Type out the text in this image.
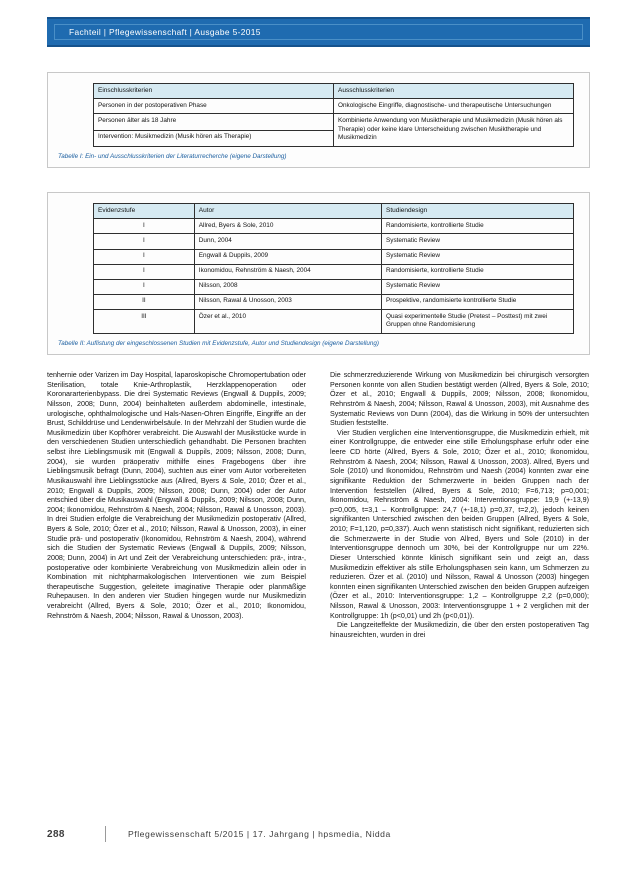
Fachteil | Pflegewissenschaft | Ausgabe 5-2015
Einschlusskriterien	Ausschlusskriterien
Personen in der postoperativen Phase	Onkologische Eingriffe, diagnostische- und therapeutische Untersuchungen
Personen älter als 18 Jahre	Kombinierte Anwendung von Musiktherapie und Musikmedizin (Musik hören als Therapie) oder keine klare Unterscheidung zwischen Musiktherapie und Musikmedizin
Intervention: Musikmedizin (Musik hören als Therapie)	
Tabelle I: Ein- und Ausschlusskriterien der Literaturrecherche (eigene Darstellung)
Evidenzstufe	Autor	Studiendesign
I	Allred, Byers & Sole, 2010	Randomisierte, kontrollierte Studie
I	Dunn, 2004	Systematic Review
I	Engwall & Duppils, 2009	Systematic Review
I	Ikonomidou, Rehnström & Naesh, 2004	Randomisierte, kontrollierte Studie
I	Nilsson, 2008	Systematic Review
II	Nilsson, Rawal & Unosson, 2003	Prospektive, randomisierte kontrollierte Studie
III	Özer et al., 2010	Quasi experimentelle Studie (Pretest – Posttest) mit zwei Gruppen ohne Randomisierung
Tabelle II: Auflistung der eingeschlossenen Studien mit Evidenzstufe, Autor und Studiendesign (eigene Darstellung)

tenhernie oder Varizen im Day Hospital, laparoskopische Chromopertubation oder Sterilisation, totale Knie-Arthroplastik, Herzklappenoperation oder Koronararterienbypass. Die drei Systematic Reviews (Engwall & Duppils, 2009; Nilsson, 2008; Dunn, 2004) beinhalteten außerdem abdominelle, intestinale, urologische, ophthalmologische und Hals-Nasen-Ohren Eingriffe, Eingriffe an der Brust, Schilddrüse und Lendenwirbelsäule. In der Mehrzahl der Studien wurde die Musikmedizin über Kopfhörer verabreicht. Die Auswahl der Musikstücke wurde in den verschiedenen Studien unterschiedlich gehandhabt. Die Personen brachten selbst ihre Lieblingsmusik mit (Engwall & Duppils, 2009; Nilsson, 2008; Dunn, 2004), sie wurden präoperativ mithilfe eines Fragebogens über ihre Lieblingsmusik befragt (Dunn, 2004), suchten aus einer vom Autor vorbereiteten Musikauswahl ihre Lieblingsstücke aus (Allred, Byers & Sole, 2010; Özer et al., 2010; Engwall & Duppils, 2009; Nilsson, 2008; Dunn, 2004) oder der Autor entschied über die Musikauswahl (Engwall & Duppils, 2009; Nilsson, 2008; Dunn, 2004; Ikonomidou, Rehnström & Naesh, 2004; Nilsson, Rawal & Unosson, 2003). In drei Studien erfolgte die Verabreichung der Musikmedizin postoperativ (Allred, Byers & Sole, 2010; Özer et al., 2010; Nilsson, Rawal & Unosson, 2003), in einer Studie prä- und postoperativ (Ikonomidou, Rehnström & Naesh, 2004), während sich die Studien der Systematic Reviews (Engwall & Duppils, 2009; Nilsson, 2008; Dunn, 2004) in Art und Zeit der Verabreichung unterschieden: prä-, intra-, postoperative oder kombinierte Verabreichung von Musikmedizin allein oder in Kombination mit nichtpharmakologischen Interventionen wie zum Beispiel therapeutische Suggestion, geleitete imaginative Therapie oder planmäßige Ruhepausen. In den anderen vier Studien hingegen wurde nur Musikmedizin verabreicht (Allred, Byers & Sole, 2010; Özer et al., 2010; Ikonomidou, Rehnström & Naesh, 2004; Nilsson, Rawal & Unosson, 2003).

Die schmerzreduzierende Wirkung von Musikmedizin bei chirurgisch versorgten Personen konnte von allen Studien bestätigt werden (Allred, Byers & Sole, 2010; Özer et al., 2010; Engwall & Duppils, 2009; Nilsson, 2008; Ikonomidou, Rehnström & Naesh, 2004; Nilsson, Rawal & Unosson, 2003), mit Ausnahme des Systematic Reviews von Dunn (2004), das die Wirkung in 50% der untersuchten Studien feststellte.

Vier Studien verglichen eine Interventionsgruppe, die Musikmedizin erhielt, mit einer Kontrollgruppe, die entweder eine stille Erholungsphase erfuhr oder eine leere CD hörte (Allred, Byers & Sole, 2010; Özer et al., 2010; Ikonomidou, Rehnström & Naesh, 2004; Nilsson, Rawal & Unosson, 2003). Allred, Byers und Sole (2010) und Ikonomidou, Rehnström und Naesh (2004) konnten zwar eine signifikante Reduktion der Schmerzwerte in beiden Gruppen nach der Intervention feststellen (Allred, Byers & Sole, 2010; F=6,713; p=0,001; Ikonomidou, Rehnström & Naesh, 2004: Interventionsgruppe: 19,9 (+-13,9) p=0,005, t=3,1 – Kontrollgruppe: 24,7 (+-18,1) p=0,37, t=2,2), jedoch keinen signifikanten Unterschied zwischen den beiden Gruppen (Allred, Byers & Sole, 2010; F=1,120, p=0,337). Auch wenn statistisch nicht signifikant, reduzierten sich die Schmerzwerte in der Studie von Allred, Byers und Sole (2010) in der Interventionsgruppe dennoch um 30%, bei der Kontrollgruppe nur um 22%. Dieser Unterschied könnte klinisch signifikant sein und zeigt an, dass Musikmedizin effektiver als stille Erholungsphasen sein kann, um Schmerzen zu reduzieren. Özer et al. (2010) und Nilsson, Rawal & Unosson (2003) hingegen konnten einen signifikanten Unterschied zwischen den beiden Gruppen aufzeigen (Özer et al., 2010: Interventionsgruppe: 1,2 – Kontrollgruppe 2,2 (p=0,000); Nilsson, Rawal & Unosson, 2003: Interventionsgruppe 1 + 2 verglichen mit der Kontrollgruppe: 1h (p<0,01) und 2h (p<0,01)).

Die Langzeiteffekte der Musikmedizin, die über den ersten postoperativen Tag hinausreichten, wurden in drei

288	Pflegewissenschaft 5/2015 | 17. Jahrgang | hpsmedia, Nidda
